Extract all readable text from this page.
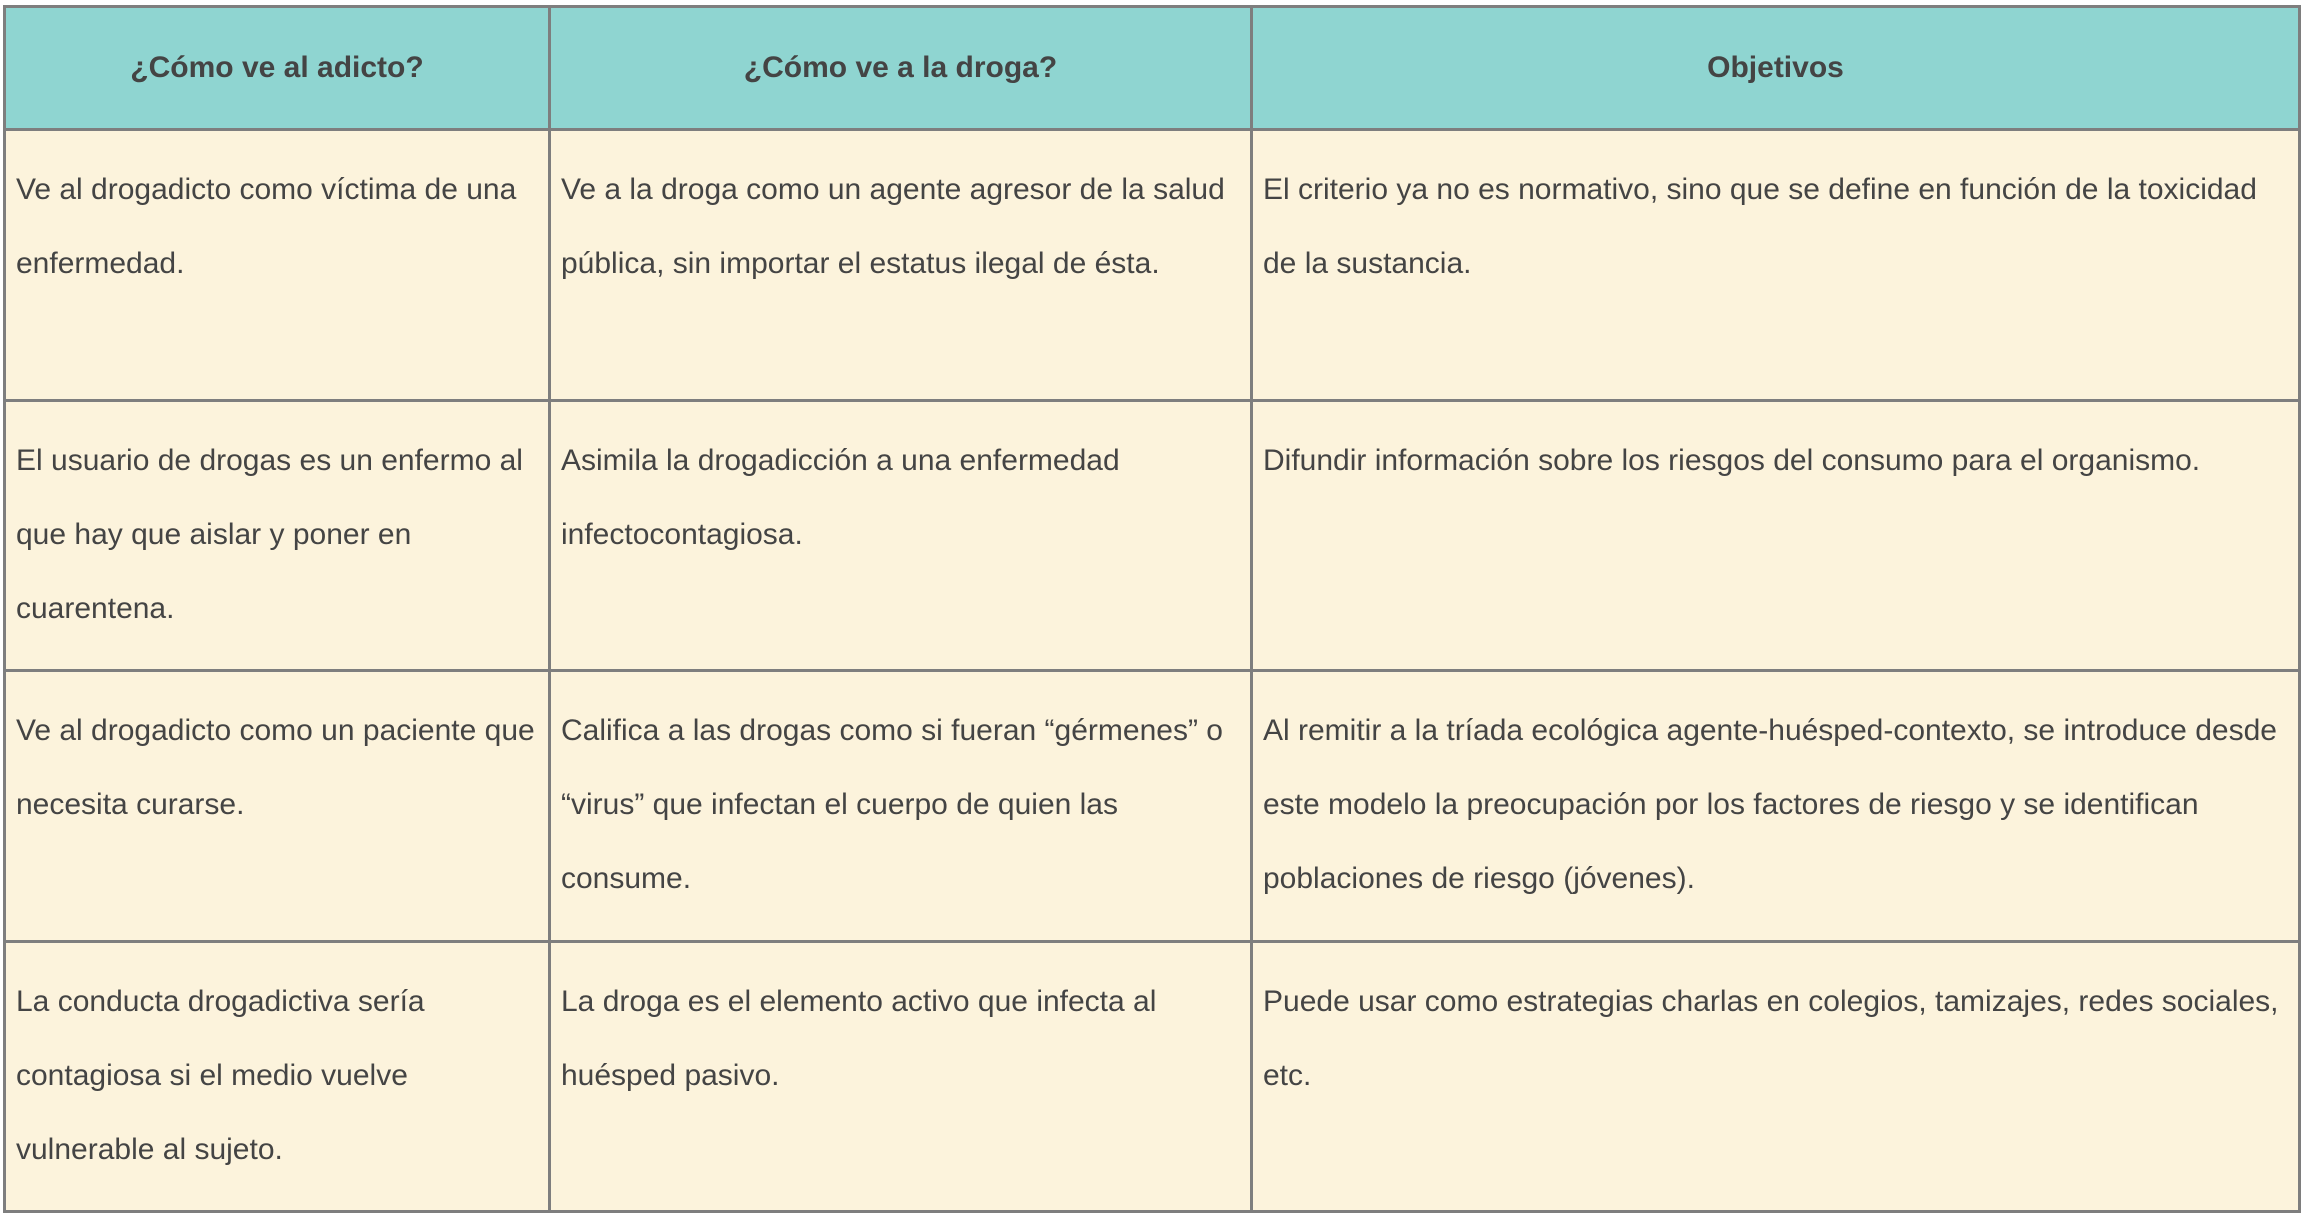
¿Cómo ve al adicto?	¿Cómo ve a la droga?	Objetivos
Ve al drogadicto como víctima de una enfermedad.	Ve a la droga como un agente agresor de la salud pública, sin importar el estatus ilegal de ésta.	El criterio ya no es normativo, sino que se define en función de la toxicidad de la sustancia.
El usuario de drogas es un enfermo al que hay que aislar y poner en cuarentena.	Asimila la drogadicción a una enfermedad infectocontagiosa.	Difundir información sobre los riesgos del consumo para el organismo.
Ve al drogadicto como un paciente que necesita curarse.	Califica a las drogas como si fueran “gérmenes” o “virus” que infectan el cuerpo de quien las consume.	Al remitir a la tríada ecológica agente-huésped-contexto, se introduce desde este modelo la preocupación por los factores de riesgo y se identifican poblaciones de riesgo (jóvenes).
La conducta drogadictiva sería contagiosa si el medio vuelve vulnerable al sujeto.	La droga es el elemento activo que infecta al huésped pasivo.	Puede usar como estrategias charlas en colegios, tamizajes, redes sociales, etc.
